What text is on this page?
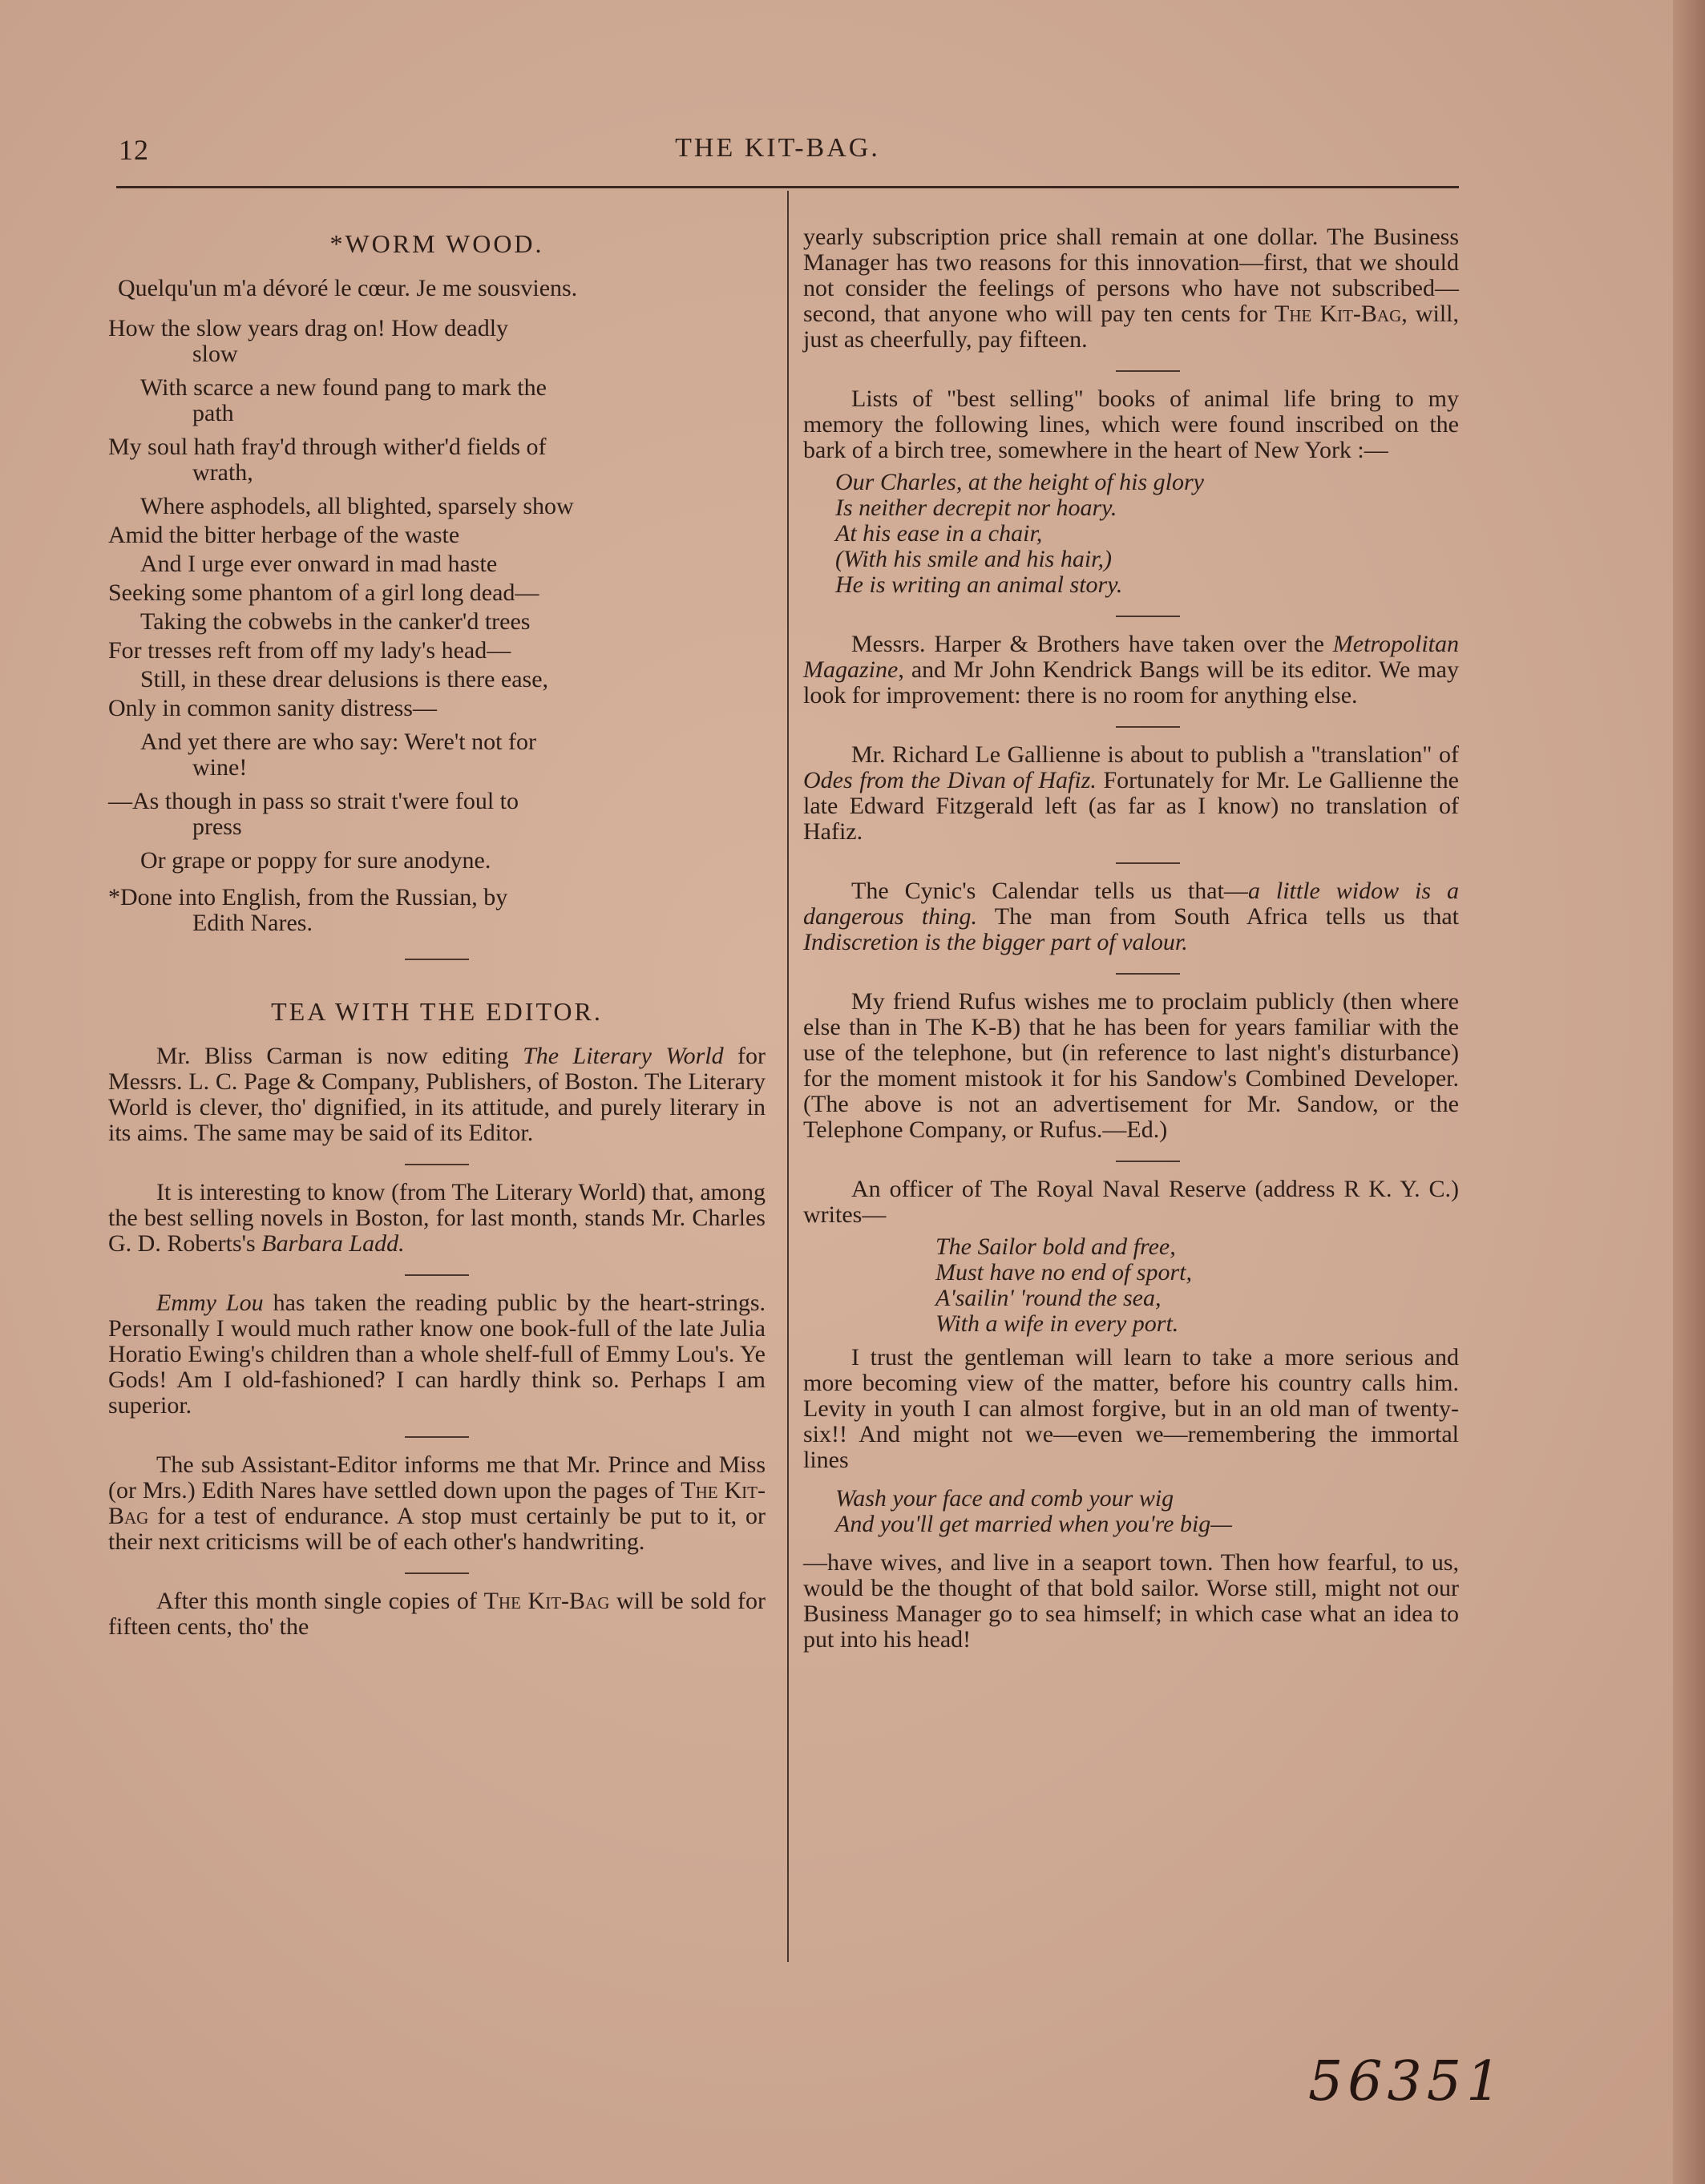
12	THE KIT-BAG.
*WORM WOOD.

Quelqu'un m'a dévoré le cœur. Je me sousviens.

How the slow years drag on! How deadly

slow

With scarce a new found pang to mark the

path

My soul hath fray'd through wither'd fields of

wrath,

Where asphodels, all blighted, sparsely show

Amid the bitter herbage of the waste

And I urge ever onward in mad haste

Seeking some phantom of a girl long dead—

Taking the cobwebs in the canker'd trees

For tresses reft from off my lady's head—

Still, in these drear delusions is there ease,

Only in common sanity distress—

And yet there are who say: Were't not for

wine!

—As though in pass so strait t'were foul to

press

Or grape or poppy for sure anodyne.

*Done into English, from the Russian, by
Edith Nares.

TEA WITH THE EDITOR.

Mr. Bliss Carman is now editing The Literary World for Messrs. L. C. Page & Company, Publishers, of Boston. The Literary World is clever, tho' dignified, in its attitude, and purely literary in its aims. The same may be said of its Editor.

It is interesting to know (from The Literary World) that, among the best selling novels in Boston, for last month, stands Mr. Charles G. D. Roberts's Barbara Ladd.

Emmy Lou has taken the reading public by the heart-strings. Personally I would much rather know one book-full of the late Julia Horatio Ewing's children than a whole shelf-full of Emmy Lou's. Ye Gods! Am I old-fashioned? I can hardly think so. Perhaps I am superior.

The sub Assistant-Editor informs me that Mr. Prince and Miss (or Mrs.) Edith Nares have settled down upon the pages of The Kit-Bag for a test of endurance. A stop must certainly be put to it, or their next criticisms will be of each other's handwriting.

After this month single copies of The Kit-Bag will be sold for fifteen cents, tho' the

yearly subscription price shall remain at one dollar. The Business Manager has two reasons for this innovation—first, that we should not consider the feelings of persons who have not subscribed—second, that anyone who will pay ten cents for The Kit-Bag, will, just as cheerfully, pay fifteen.

Lists of "best selling" books of animal life bring to my memory the following lines, which were found inscribed on the bark of a birch tree, somewhere in the heart of New York :—

Our Charles, at the height of his glory

Is neither decrepit nor hoary.

At his ease in a chair,

(With his smile and his hair,)

He is writing an animal story.

Messrs. Harper & Brothers have taken over the Metropolitan Magazine, and Mr John Kendrick Bangs will be its editor. We may look for improvement: there is no room for anything else.

Mr. Richard Le Gallienne is about to publish a "translation" of Odes from the Divan of Hafiz. Fortunately for Mr. Le Gallienne the late Edward Fitzgerald left (as far as I know) no translation of Hafiz.

The Cynic's Calendar tells us that—a little widow is a dangerous thing. The man from South Africa tells us that Indiscretion is the bigger part of valour.

My friend Rufus wishes me to proclaim publicly (then where else than in The K-B) that he has been for years familiar with the use of the telephone, but (in reference to last night's disturbance) for the moment mistook it for his Sandow's Combined Developer. (The above is not an advertisement for Mr. Sandow, or the Telephone Company, or Rufus.—Ed.)

An officer of The Royal Naval Reserve (address R K. Y. C.) writes—

The Sailor bold and free,

Must have no end of sport,

A'sailin' 'round the sea,

With a wife in every port.

I trust the gentleman will learn to take a more serious and more becoming view of the matter, before his country calls him. Levity in youth I can almost forgive, but in an old man of twenty-six!! And might not we—even we—remembering the immortal lines

Wash your face and comb your wig

And you'll get married when you're big—

—have wives, and live in a seaport town. Then how fearful, to us, would be the thought of that bold sailor. Worse still, might not our Business Manager go to sea himself; in which case what an idea to put into his head!

56351
